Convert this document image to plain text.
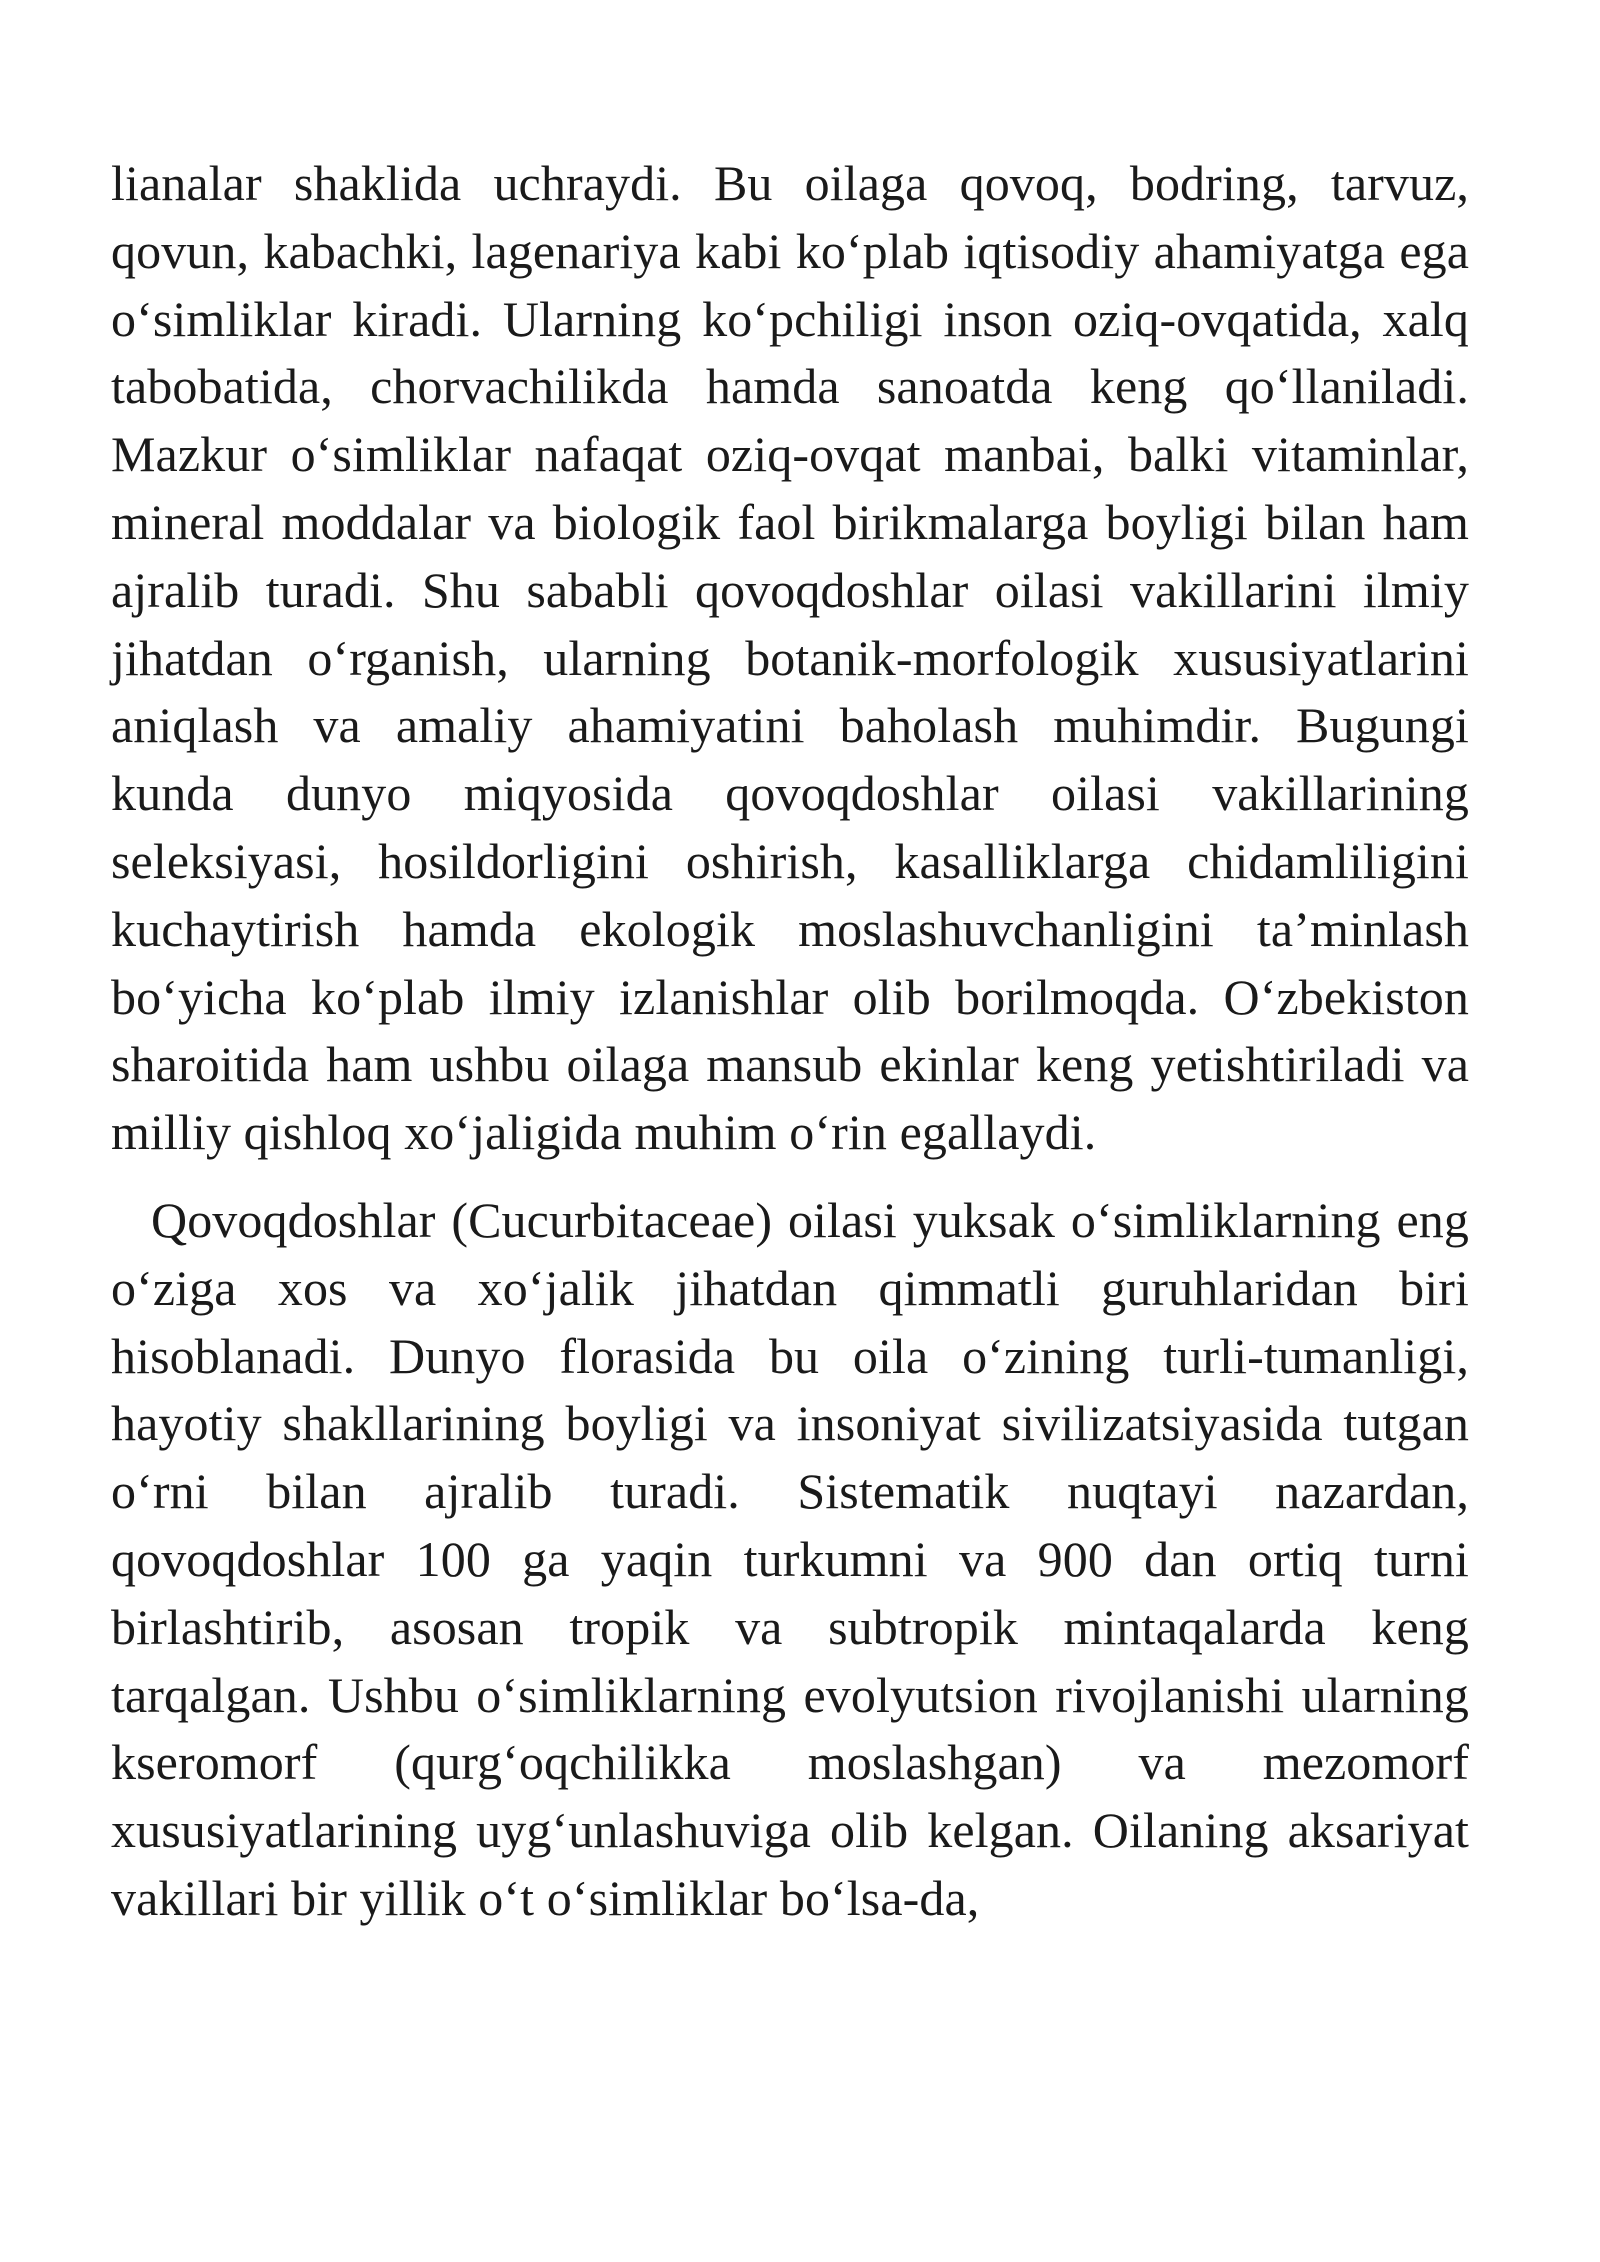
lianalar shaklida uchraydi. Bu oilaga qovoq, bodring, tarvuz, qovun, kabachki, lagenariya kabi ko‘plab iqtisodiy ahamiyatga ega o‘simliklar kiradi. Ularning ko‘pchiligi inson oziq-ovqatida, xalq tabobatida, chorvachilikda hamda sanoatda keng qo‘llaniladi. Mazkur o‘simliklar nafaqat oziq-ovqat manbai, balki vitaminlar, mineral moddalar va biologik faol birikmalarga boyligi bilan ham ajralib turadi. Shu sababli qovoqdoshlar oilasi vakillarini ilmiy jihatdan o‘rganish, ularning botanik-morfologik xususiyatlarini aniqlash va amaliy ahamiyatini baholash muhimdir. Bugungi kunda dunyo miqyosida qovoqdoshlar oilasi vakillarining seleksiyasi, hosildorligini oshirish, kasalliklarga chidamliligini kuchaytirish hamda ekologik moslashuvchanligini ta’minlash bo‘yicha ko‘plab ilmiy izlanishlar olib borilmoqda. O‘zbekiston sharoitida ham ushbu oilaga mansub ekinlar keng yetishtiriladi va milliy qishloq xo‘jaligida muhim o‘rin egallaydi.

Qovoqdoshlar (Cucurbitaceae) oilasi yuksak o‘simliklarning eng o‘ziga xos va xo‘jalik jihatdan qimmatli guruhlaridan biri hisoblanadi. Dunyo florasida bu oila o‘zining turli-tumanligi, hayotiy shakllarining boyligi va insoniyat sivilizatsiyasida tutgan o‘rni bilan ajralib turadi. Sistematik nuqtayi nazardan, qovoqdoshlar 100 ga yaqin turkumni va 900 dan ortiq turni birlashtirib, asosan tropik va subtropik mintaqalarda keng tarqalgan. Ushbu o‘simliklarning evolyutsion rivojlanishi ularning kseromorf (qurg‘oqchilikka moslashgan) va mezomorf xususiyatlarining uyg‘unlashuviga olib kelgan. Oilaning aksariyat vakillari bir yillik o‘t o‘simliklar bo‘lsa-da,
